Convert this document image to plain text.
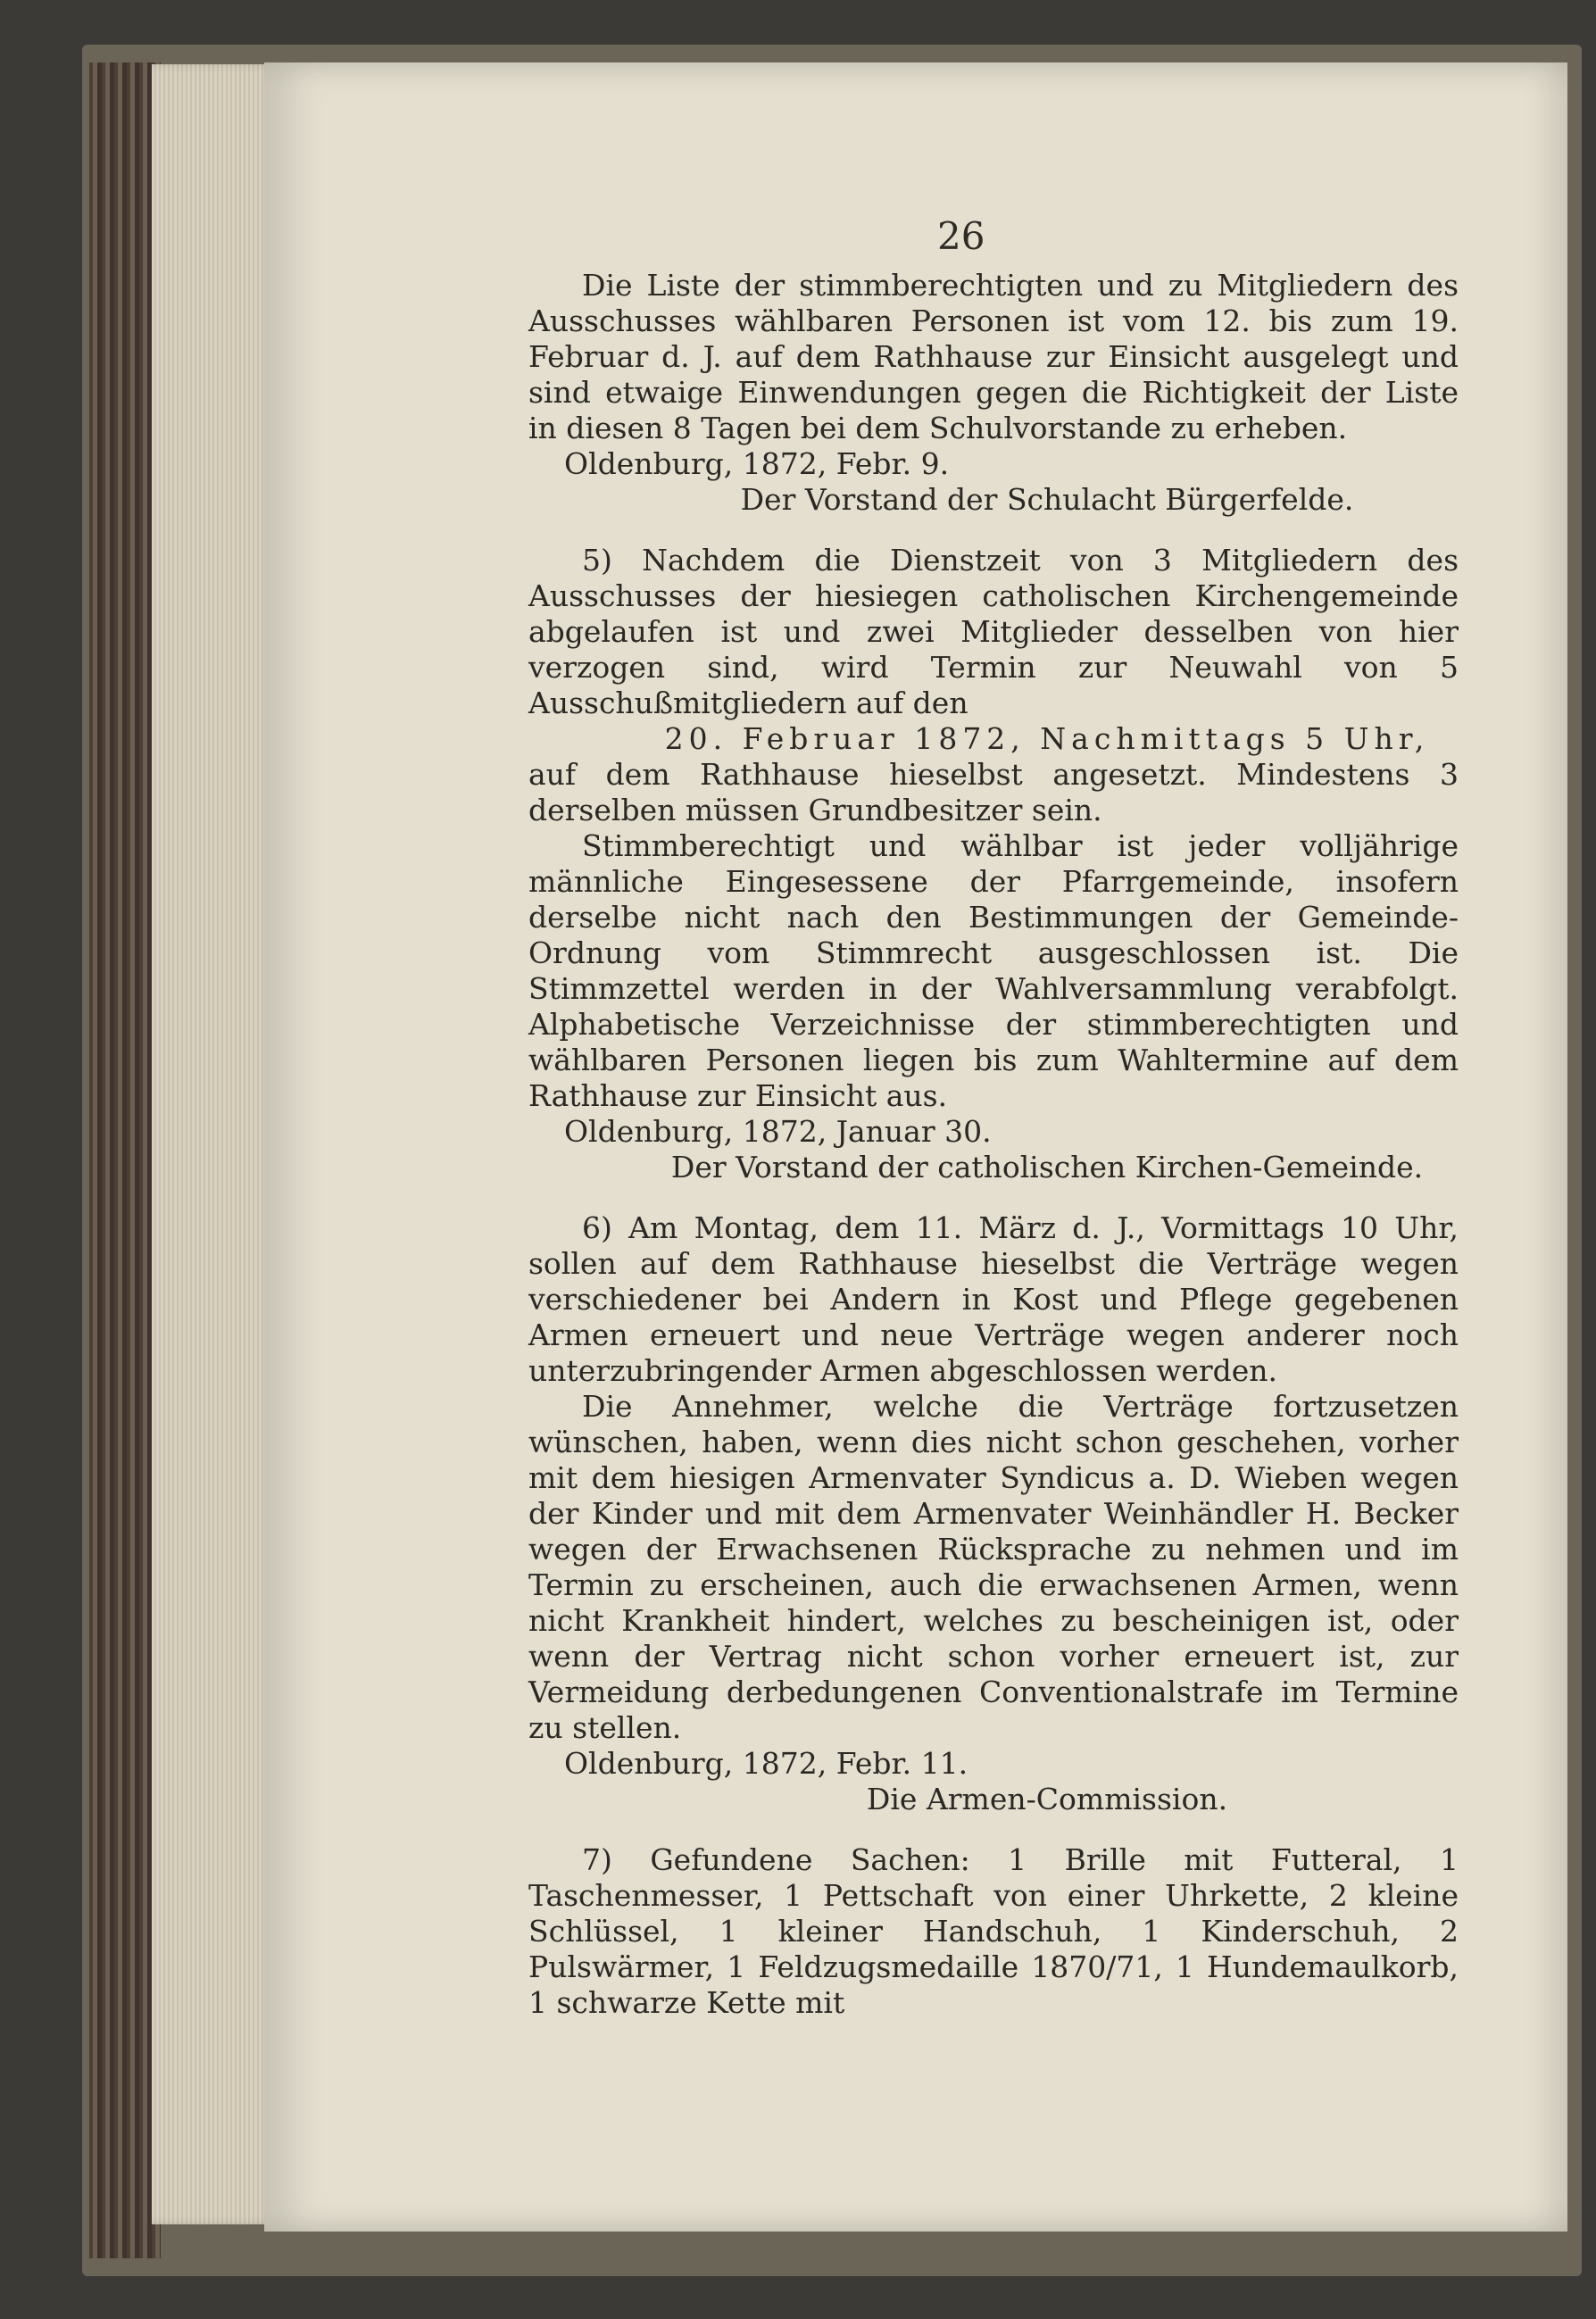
26

Die Liste der stimmberechtigten und zu Mitgliedern des Ausschusses wählbaren Personen ist vom 12. bis zum 19. Februar d. J. auf dem Rathhause zur Einsicht ausgelegt und sind etwaige Einwendungen gegen die Richtigkeit der Liste in diesen 8 Tagen bei dem Schulvorstande zu erheben.

Oldenburg, 1872, Febr. 9.

Der Vorstand der Schulacht Bürgerfelde.

5) Nachdem die Dienstzeit von 3 Mitgliedern des Ausschusses der hiesiegen catholischen Kirchengemeinde abgelaufen ist und zwei Mitglieder desselben von hier verzogen sind, wird Termin zur Neuwahl von 5 Ausschußmitgliedern auf den

20. Februar 1872, Nachmittags 5 Uhr,

auf dem Rathhause hieselbst angesetzt. Mindestens 3 derselben müssen Grundbesitzer sein.

Stimmberechtigt und wählbar ist jeder volljährige männliche Eingesessene der Pfarrgemeinde, insofern derselbe nicht nach den Bestimmungen der Gemeinde-Ordnung vom Stimmrecht ausgeschlossen ist. Die Stimmzettel werden in der Wahlversammlung verabfolgt. Alphabetische Verzeichnisse der stimmberechtigten und wählbaren Personen liegen bis zum Wahltermine auf dem Rathhause zur Einsicht aus.

Oldenburg, 1872, Januar 30.

Der Vorstand der catholischen Kirchen-Gemeinde.

6) Am Montag, dem 11. März d. J., Vormittags 10 Uhr, sollen auf dem Rathhause hieselbst die Verträge wegen verschiedener bei Andern in Kost und Pflege gegebenen Armen erneuert und neue Verträge wegen anderer noch unterzubringender Armen abgeschlossen werden.

Die Annehmer, welche die Verträge fortzusetzen wünschen, haben, wenn dies nicht schon geschehen, vorher mit dem hiesigen Armenvater Syndicus a. D. Wieben wegen der Kinder und mit dem Armenvater Weinhändler H. Becker wegen der Erwachsenen Rücksprache zu nehmen und im Termin zu erscheinen, auch die erwachsenen Armen, wenn nicht Krankheit hindert, welches zu bescheinigen ist, oder wenn der Vertrag nicht schon vorher erneuert ist, zur Vermeidung derbedungenen Conventionalstrafe im Termine zu stellen.

Oldenburg, 1872, Febr. 11.

Die Armen-Commission.

7) Gefundene Sachen: 1 Brille mit Futteral, 1 Taschenmesser, 1 Pettschaft von einer Uhrkette, 2 kleine Schlüssel, 1 kleiner Handschuh, 1 Kinderschuh, 2 Pulswärmer, 1 Feldzugsmedaille 1870/71, 1 Hundemaulkorb, 1 schwarze Kette mit
